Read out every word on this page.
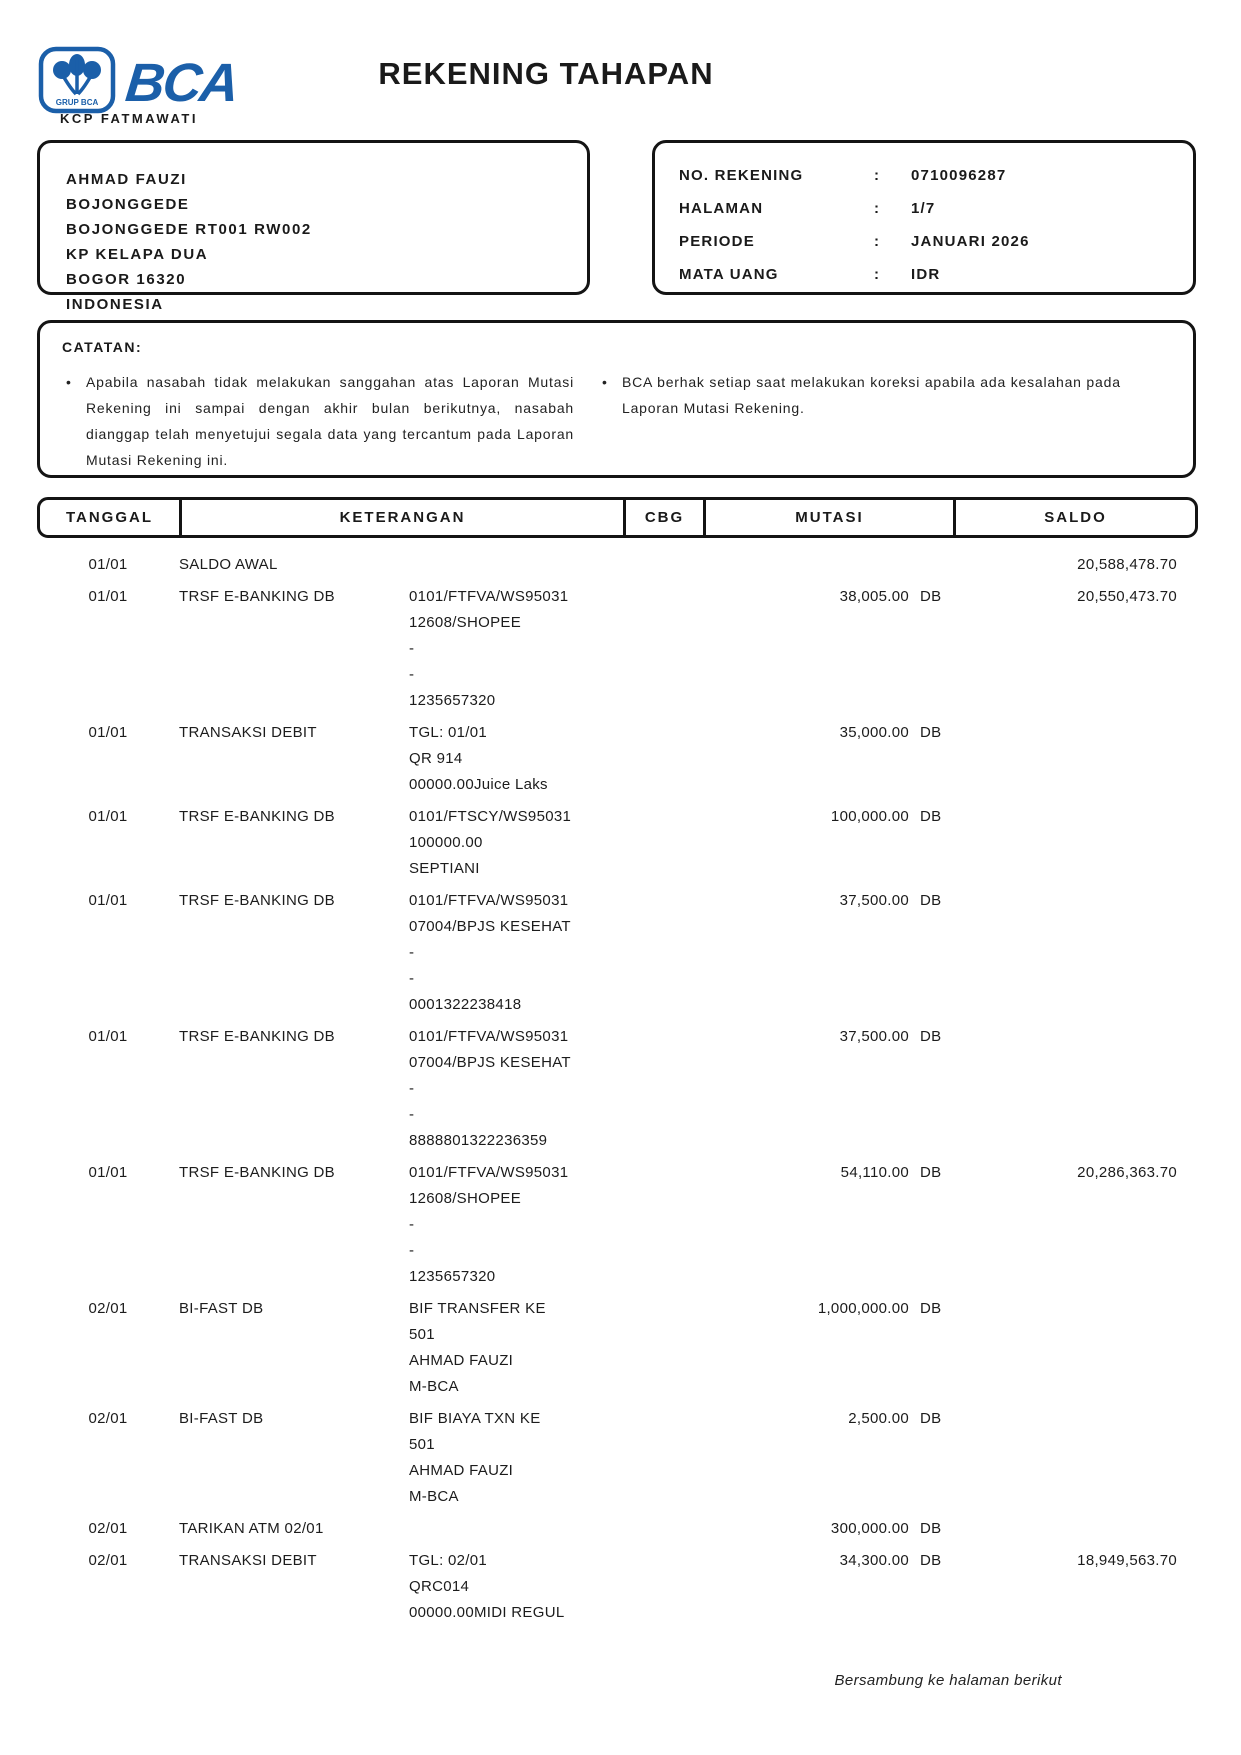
GRUP BCA BCA	REKENING TAHAPAN
KCP FATMAWATI
AHMAD FAUZI
BOJONGGEDE
BOJONGGEDE RT001 RW002
KP KELAPA DUA
BOGOR 16320
INDONESIA
NO. REKENING	:	0710096287
HALAMAN	:	1/7
PERIODE	:	JANUARI 2026
MATA UANG	:	IDR
CATATAN:
• Apabila nasabah tidak melakukan sanggahan atas Laporan Mutasi Rekening ini sampai dengan akhir bulan berikutnya, nasabah dianggap telah menyetujui segala data yang tercantum pada Laporan Mutasi Rekening ini.
• BCA berhak setiap saat melakukan koreksi apabila ada kesalahan pada Laporan Mutasi Rekening.
TANGGAL	KETERANGAN	CBG	MUTASI	SALDO
01/01	SALDO AWAL	20,588,478.70
01/01	TRSF E-BANKING DB	0101/FTFVA/WS95031
12608/SHOPEE
-
-
1235657320
38,005.00 DB	20,550,473.70
01/01	TRANSAKSI DEBIT	TGL: 01/01
QR 914
00000.00Juice Laks
35,000.00 DB
01/01	TRSF E-BANKING DB	0101/FTSCY/WS95031
100000.00
SEPTIANI
100,000.00 DB
01/01	TRSF E-BANKING DB	0101/FTFVA/WS95031
07004/BPJS KESEHAT
-
-
0001322238418
37,500.00 DB
01/01	TRSF E-BANKING DB	0101/FTFVA/WS95031
07004/BPJS KESEHAT
-
-
8888801322236359
37,500.00 DB
01/01	TRSF E-BANKING DB	0101/FTFVA/WS95031
12608/SHOPEE
-
-
1235657320
54,110.00 DB	20,286,363.70
02/01	BI-FAST DB	BIF TRANSFER KE
501
AHMAD FAUZI
M-BCA
1,000,000.00 DB
02/01	BI-FAST DB	BIF BIAYA TXN KE
501
AHMAD FAUZI
M-BCA
2,500.00 DB
02/01	TARIKAN ATM 02/01	300,000.00 DB
02/01	TRANSAKSI DEBIT	TGL: 02/01
QRC014
00000.00MIDI REGUL
34,300.00 DB	18,949,563.70
Bersambung ke halaman berikut
